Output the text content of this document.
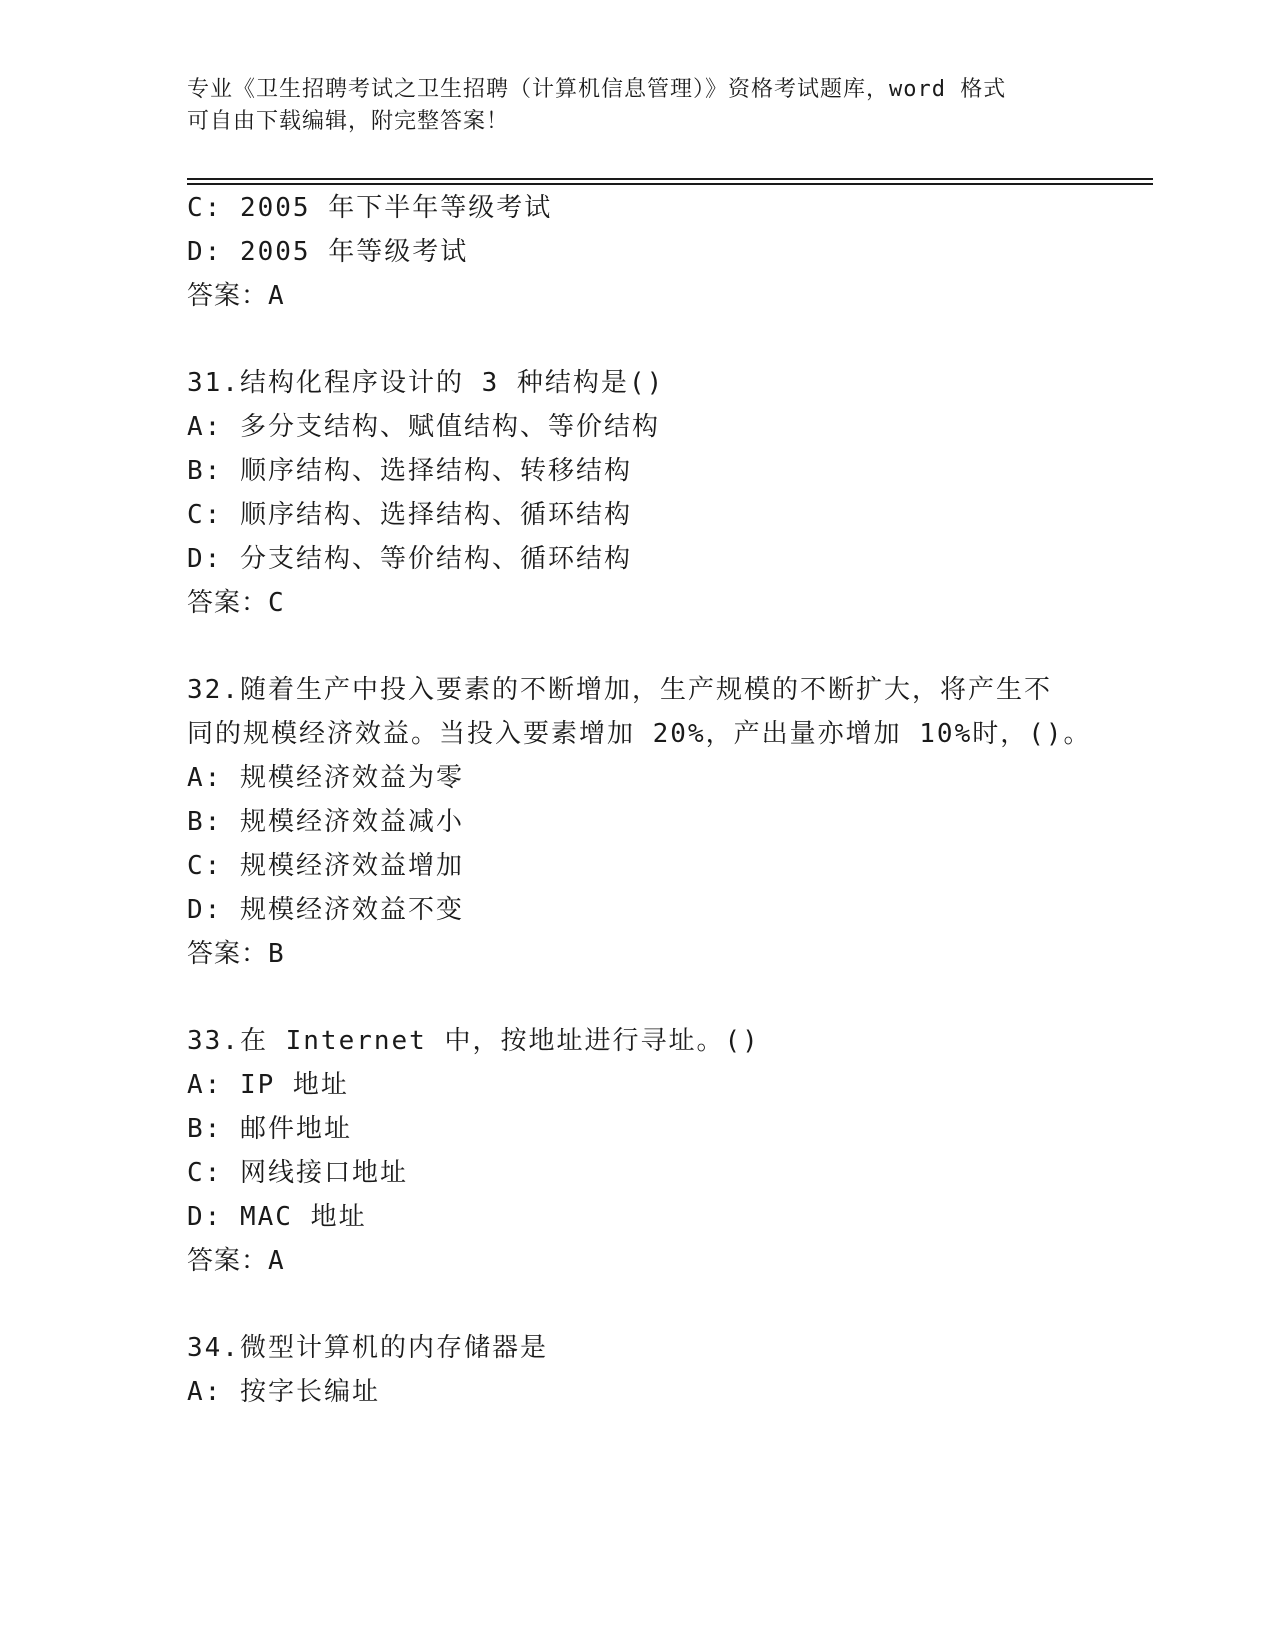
专业《卫生招聘考试之卫生招聘（计算机信息管理）》资格考试题库，word 格式
可自由下载编辑，附完整答案！
C: 2005 年下半年等级考试
D: 2005 年等级考试
答案：A
31.结构化程序设计的 3 种结构是()
A: 多分支结构、赋值结构、等价结构
B: 顺序结构、选择结构、转移结构
C: 顺序结构、选择结构、循环结构
D: 分支结构、等价结构、循环结构
答案：C
32.随着生产中投入要素的不断增加，生产规模的不断扩大，将产生不
同的规模经济效益。当投入要素增加 20%，产出量亦增加 10%时，()。
A: 规模经济效益为零
B: 规模经济效益减小
C: 规模经济效益增加
D: 规模经济效益不变
答案：B
33.在 Internet 中，按地址进行寻址。()
A: IP 地址
B: 邮件地址
C: 网线接口地址
D: MAC 地址
答案：A
34.微型计算机的内存储器是
A: 按字长编址
